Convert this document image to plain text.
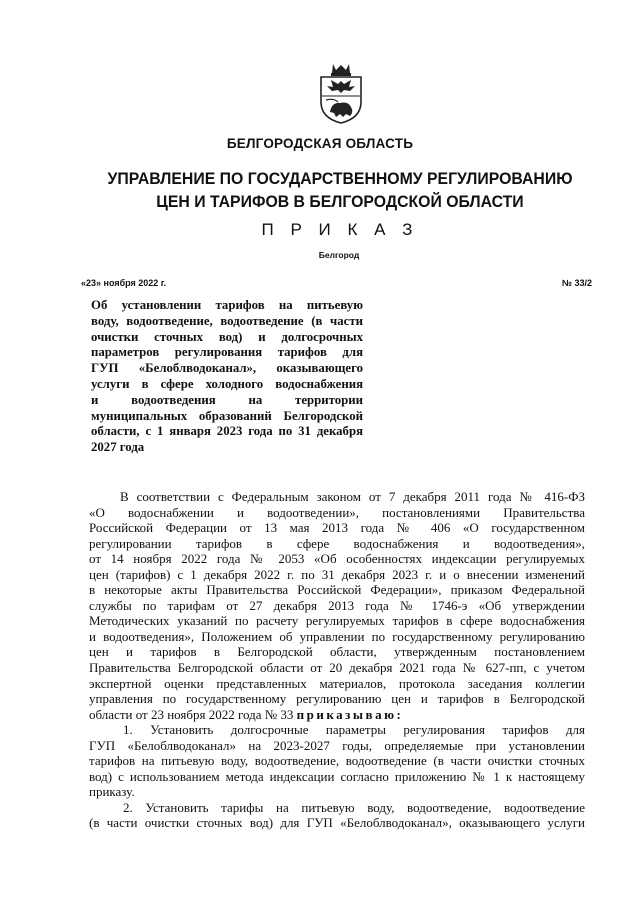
БЕЛГОРОДСКАЯ ОБЛАСТЬ
УПРАВЛЕНИЕ ПО ГОСУДАРСТВЕННОМУ РЕГУЛИРОВАНИЮ
ЦЕН И ТАРИФОВ В БЕЛГОРОДСКОЙ ОБЛАСТИ
П Р И К А З
Белгород
«23» ноября 2022 г.	№ 33/2
Об установлении тарифов на питьевую
воду, водоотведение, водоотведение (в части
очистки сточных вод) и долгосрочных
параметров регулирования тарифов для
ГУП «Белоблводоканал», оказывающего
услуги в сфере холодного водоснабжения
и водоотведения на территории
муниципальных образований Белгородской
области, с 1 января 2023 года по 31 декабря
2027 года
В соответствии с Федеральным законом от 7 декабря 2011 года № 416-ФЗ
«О водоснабжении и водоотведении», постановлениями Правительства
Российской Федерации от 13 мая 2013 года № 406 «О государственном
регулировании тарифов в сфере водоснабжения и водоотведения»,
от 14 ноября 2022 года № 2053 «Об особенностях индексации регулируемых
цен (тарифов) с 1 декабря 2022 г. по 31 декабря 2023 г. и о внесении изменений
в некоторые акты Правительства Российской Федерации», приказом Федеральной
службы по тарифам от 27 декабря 2013 года № 1746-э «Об утверждении
Методических указаний по расчету регулируемых тарифов в сфере водоснабжения
и водоотведения», Положением об управлении по государственному регулированию
цен и тарифов в Белгородской области, утвержденным постановлением
Правительства Белгородской области от 20 декабря 2021 года № 627-пп, с учетом
экспертной оценки представленных материалов, протокола заседания коллегии
управления по государственному регулированию цен и тарифов в Белгородской
области от 23 ноября 2022 года № 33 приказываю:
1. Установить долгосрочные параметры регулирования тарифов для
ГУП «Белоблводоканал» на 2023-2027 годы, определяемые при установлении
тарифов на питьевую воду, водоотведение, водоотведение (в части очистки сточных
вод) с использованием метода индексации согласно приложению № 1 к настоящему
приказу.
2. Установить тарифы на питьевую воду, водоотведение, водоотведение
(в части очистки сточных вод) для ГУП «Белоблводоканал», оказывающего услуги
